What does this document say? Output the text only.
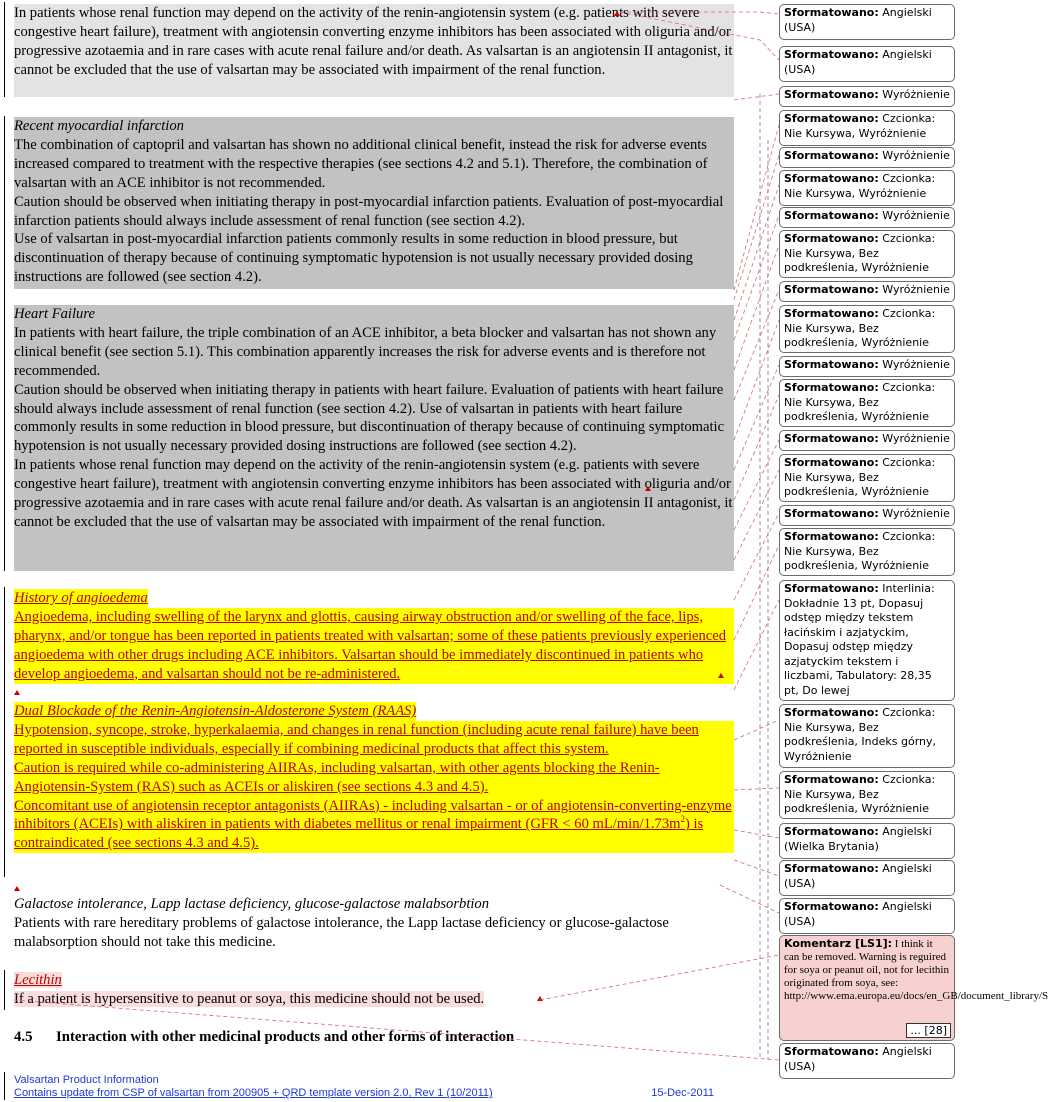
In patients whose renal function may depend on the activity of the renin-angiotensin system (e.g. patients with severe congestive heart failure), treatment with angiotensin converting enzyme inhibitors has been associated with oliguria and/or progressive azotaemia and in rare cases with acute renal failure and/or death. As valsartan is an angiotensin II antagonist, it cannot be excluded that the use of valsartan may be associated with impairment of the renal function.

Recent myocardial infarction

The combination of captopril and valsartan has shown no additional clinical benefit, instead the risk for adverse events increased compared to treatment with the respective therapies (see sections 4.2 and 5.1). Therefore, the combination of valsartan with an ACE inhibitor is not recommended.

Caution should be observed when initiating therapy in post-myocardial infarction patients. Evaluation of post-myocardial infarction patients should always include assessment of renal function (see section 4.2).

Use of valsartan in post-myocardial infarction patients commonly results in some reduction in blood pressure, but discontinuation of therapy because of continuing symptomatic hypotension is not usually necessary provided dosing instructions are followed (see section 4.2).

Heart Failure

In patients with heart failure, the triple combination of an ACE inhibitor, a beta blocker and valsartan has not shown any clinical benefit (see section 5.1). This combination apparently increases the risk for adverse events and is therefore not recommended.

Caution should be observed when initiating therapy in patients with heart failure. Evaluation of patients with heart failure should always include assessment of renal function (see section 4.2). Use of valsartan in patients with heart failure commonly results in some reduction in blood pressure, but discontinuation of therapy because of continuing symptomatic hypotension is not usually necessary provided dosing instructions are followed (see section 4.2).

In patients whose renal function may depend on the activity of the renin-angiotensin system (e.g. patients with severe congestive heart failure), treatment with angiotensin converting enzyme inhibitors has been associated with oliguria and/or progressive azotaemia and in rare cases with acute renal failure and/or death. As valsartan is an angiotensin II antagonist, it cannot be excluded that the use of valsartan may be associated with impairment of the renal function.

History of angioedema

Angioedema, including swelling of the larynx and glottis, causing airway obstruction and/or swelling of the face, lips, pharynx, and/or tongue has been reported in patients treated with valsartan; some of these patients previously experienced angioedema with other drugs including ACE inhibitors. Valsartan should be immediately discontinued in patients who develop angioedema, and valsartan should not be re-administered.

Dual Blockade of the Renin-Angiotensin-Aldosterone System (RAAS)

Hypotension, syncope, stroke, hyperkalaemia, and changes in renal function (including acute renal failure) have been reported in susceptible individuals, especially if combining medicinal products that affect this system.

Caution is required while co-administering AIIRAs, including valsartan, with other agents blocking the Renin-Angiotensin-System (RAS) such as ACEIs or aliskiren (see sections 4.3 and 4.5).

Concomitant use of angiotensin receptor antagonists (AIIRAs) - including valsartan - or of angiotensin-converting-enzyme inhibitors (ACEIs) with aliskiren in patients with diabetes mellitus or renal impairment (GFR < 60 $mL/\min/1.73m^2$) is contraindicated (see sections 4.3 and 4.5).

Galactose intolerance, Lapp lactase deficiency, glucose-galactose malabsorbtion

Patients with rare hereditary problems of galactose intolerance, the Lapp lactase deficiency or glucose-galactose malabsorption should not take this medicine.

Lecithin

If a patient is hypersensitive to peanut or soya, this medicine should not be used.

4.5 Interaction with other medicinal products and other forms of interaction
Valsartan Product Information
Contains update from CSP of valsartan from 200905 + QRD template version 2.0, Rev 1 (10/2011)	15-Dec-2011
Sformatowano: Angielski (USA)
Sformatowano: Angielski (USA)
Sformatowano: Wyróżnienie
Sformatowano: Czcionka: Nie Kursywa, Wyróżnienie
Sformatowano: Wyróżnienie
Sformatowano: Czcionka: Nie Kursywa, Wyróżnienie
Sformatowano: Wyróżnienie
Sformatowano: Czcionka: Nie Kursywa, Bez podkreślenia, Wyróżnienie
Sformatowano: Wyróżnienie
Sformatowano: Czcionka: Nie Kursywa, Bez podkreślenia, Wyróżnienie
Sformatowano: Wyróżnienie
Sformatowano: Czcionka: Nie Kursywa, Bez podkreślenia, Wyróżnienie
Sformatowano: Wyróżnienie
Sformatowano: Czcionka: Nie Kursywa, Bez podkreślenia, Wyróżnienie
Sformatowano: Wyróżnienie
Sformatowano: Czcionka: Nie Kursywa, Bez podkreślenia, Wyróżnienie
Sformatowano: Interlinia: Dokładnie 13 pt, Dopasuj odstęp między tekstem łacińskim i azjatyckim, Dopasuj odstęp między azjatyckim tekstem i liczbami, Tabulatory: 28,35 pt, Do lewej
Sformatowano: Czcionka: Nie Kursywa, Bez podkreślenia, Indeks górny, Wyróżnienie
Sformatowano: Czcionka: Nie Kursywa, Bez podkreślenia, Wyróżnienie
Sformatowano: Angielski (Wielka Brytania)
Sformatowano: Angielski (USA)
Sformatowano: Angielski (USA)
Komentarz [LS1]: I think it can be removed. Warning is reguired for soya or peanut oil, not for lecithin originated from soya, see: http://www.ema.europa.eu/docs/en_GB/document_library/S
... [28]
Sformatowano: Angielski (USA)
